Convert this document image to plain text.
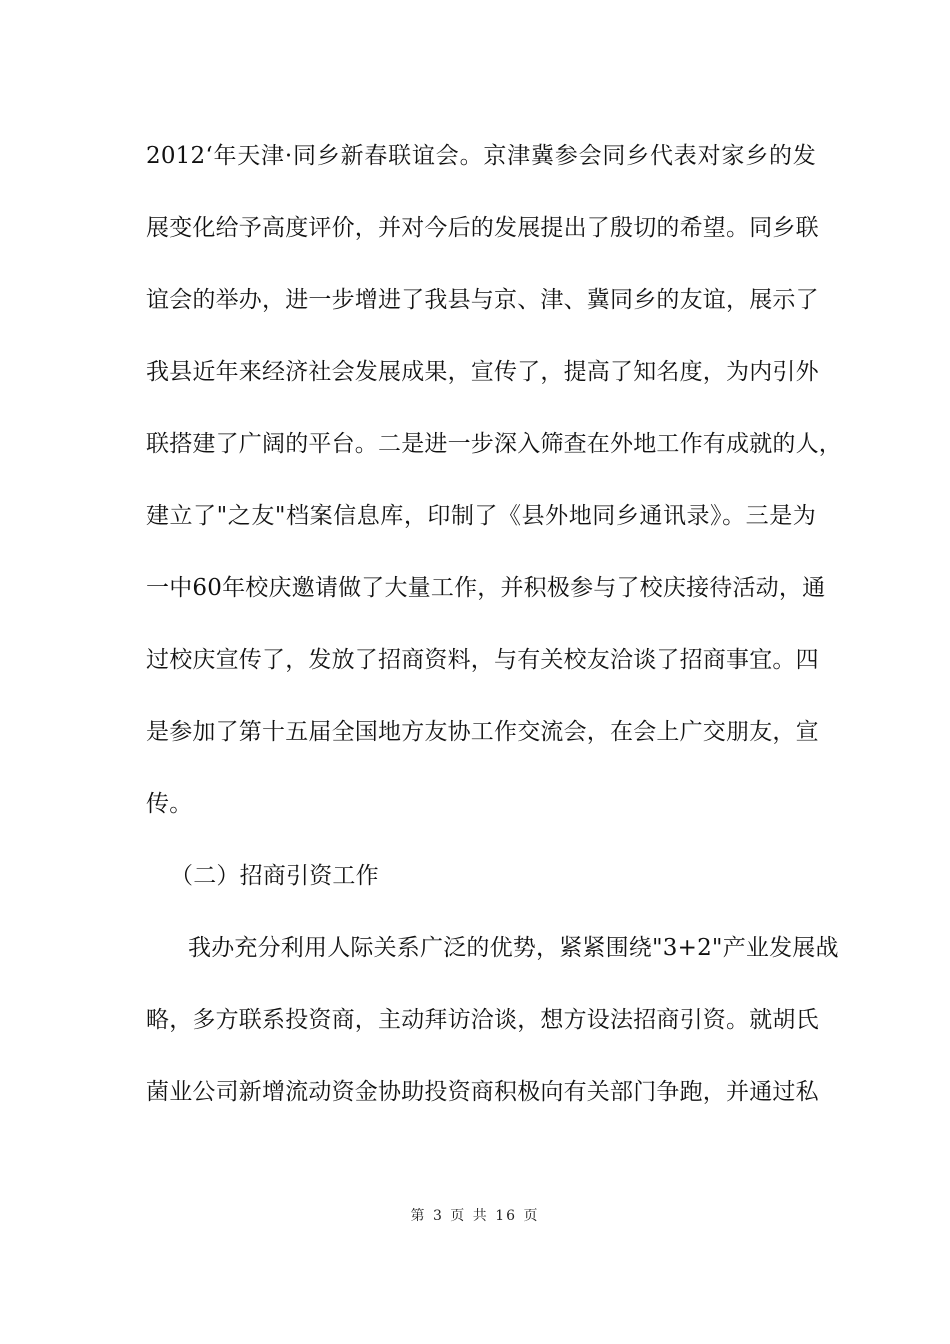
2012‘年天津·同乡新春联谊会。京津冀参会同乡代表对家乡的发
展变化给予高度评价，并对今后的发展提出了殷切的希望。同乡联
谊会的举办，进一步增进了我县与京、津、冀同乡的友谊，展示了
我县近年来经济社会发展成果，宣传了，提高了知名度，为内引外
联搭建了广阔的平台。二是进一步深入筛查在外地工作有成就的人，
建立了"之友"档案信息库，印制了《县外地同乡通讯录》。三是为
一中60年校庆邀请做了大量工作，并积极参与了校庆接待活动，通
过校庆宣传了，发放了招商资料，与有关校友洽谈了招商事宜。四
是参加了第十五届全国地方友协工作交流会，在会上广交朋友，宣
传。
（二）招商引资工作
我办充分利用人际关系广泛的优势，紧紧围绕"3+2"产业发展战
略，多方联系投资商，主动拜访洽谈，想方设法招商引资。就胡氏
菌业公司新增流动资金协助投资商积极向有关部门争跑，并通过私
第 3 页 共 16 页
